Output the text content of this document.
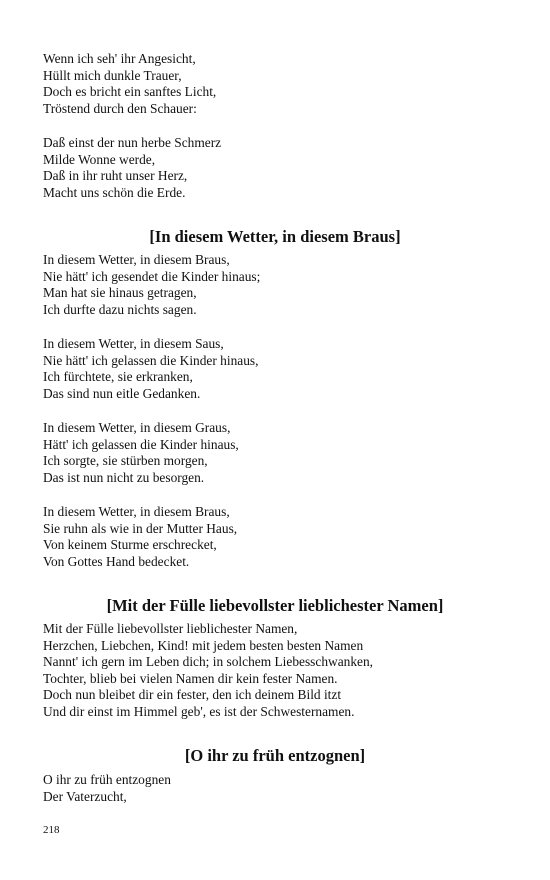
Wenn ich seh' ihr Angesicht,
Hüllt mich dunkle Trauer,
Doch es bricht ein sanftes Licht,
Tröstend durch den Schauer:
Daß einst der nun herbe Schmerz
Milde Wonne werde,
Daß in ihr ruht unser Herz,
Macht uns schön die Erde.
[In diesem Wetter, in diesem Braus]
In diesem Wetter, in diesem Braus,
Nie hätt' ich gesendet die Kinder hinaus;
Man hat sie hinaus getragen,
Ich durfte dazu nichts sagen.
In diesem Wetter, in diesem Saus,
Nie hätt' ich gelassen die Kinder hinaus,
Ich fürchtete, sie erkranken,
Das sind nun eitle Gedanken.
In diesem Wetter, in diesem Graus,
Hätt' ich gelassen die Kinder hinaus,
Ich sorgte, sie stürben morgen,
Das ist nun nicht zu besorgen.
In diesem Wetter, in diesem Braus,
Sie ruhn als wie in der Mutter Haus,
Von keinem Sturme erschrecket,
Von Gottes Hand bedecket.
[Mit der Fülle liebevollster lieblichester Namen]
Mit der Fülle liebevollster lieblichester Namen,
Herzchen, Liebchen, Kind! mit jedem besten besten Namen
Nannt' ich gern im Leben dich; in solchem Liebesschwanken,
Tochter, blieb bei vielen Namen dir kein fester Namen.
Doch nun bleibet dir ein fester, den ich deinem Bild itzt
Und dir einst im Himmel geb', es ist der Schwesternamen.
[O ihr zu früh entzognen]
O ihr zu früh entzognen
Der Vaterzucht,
218
